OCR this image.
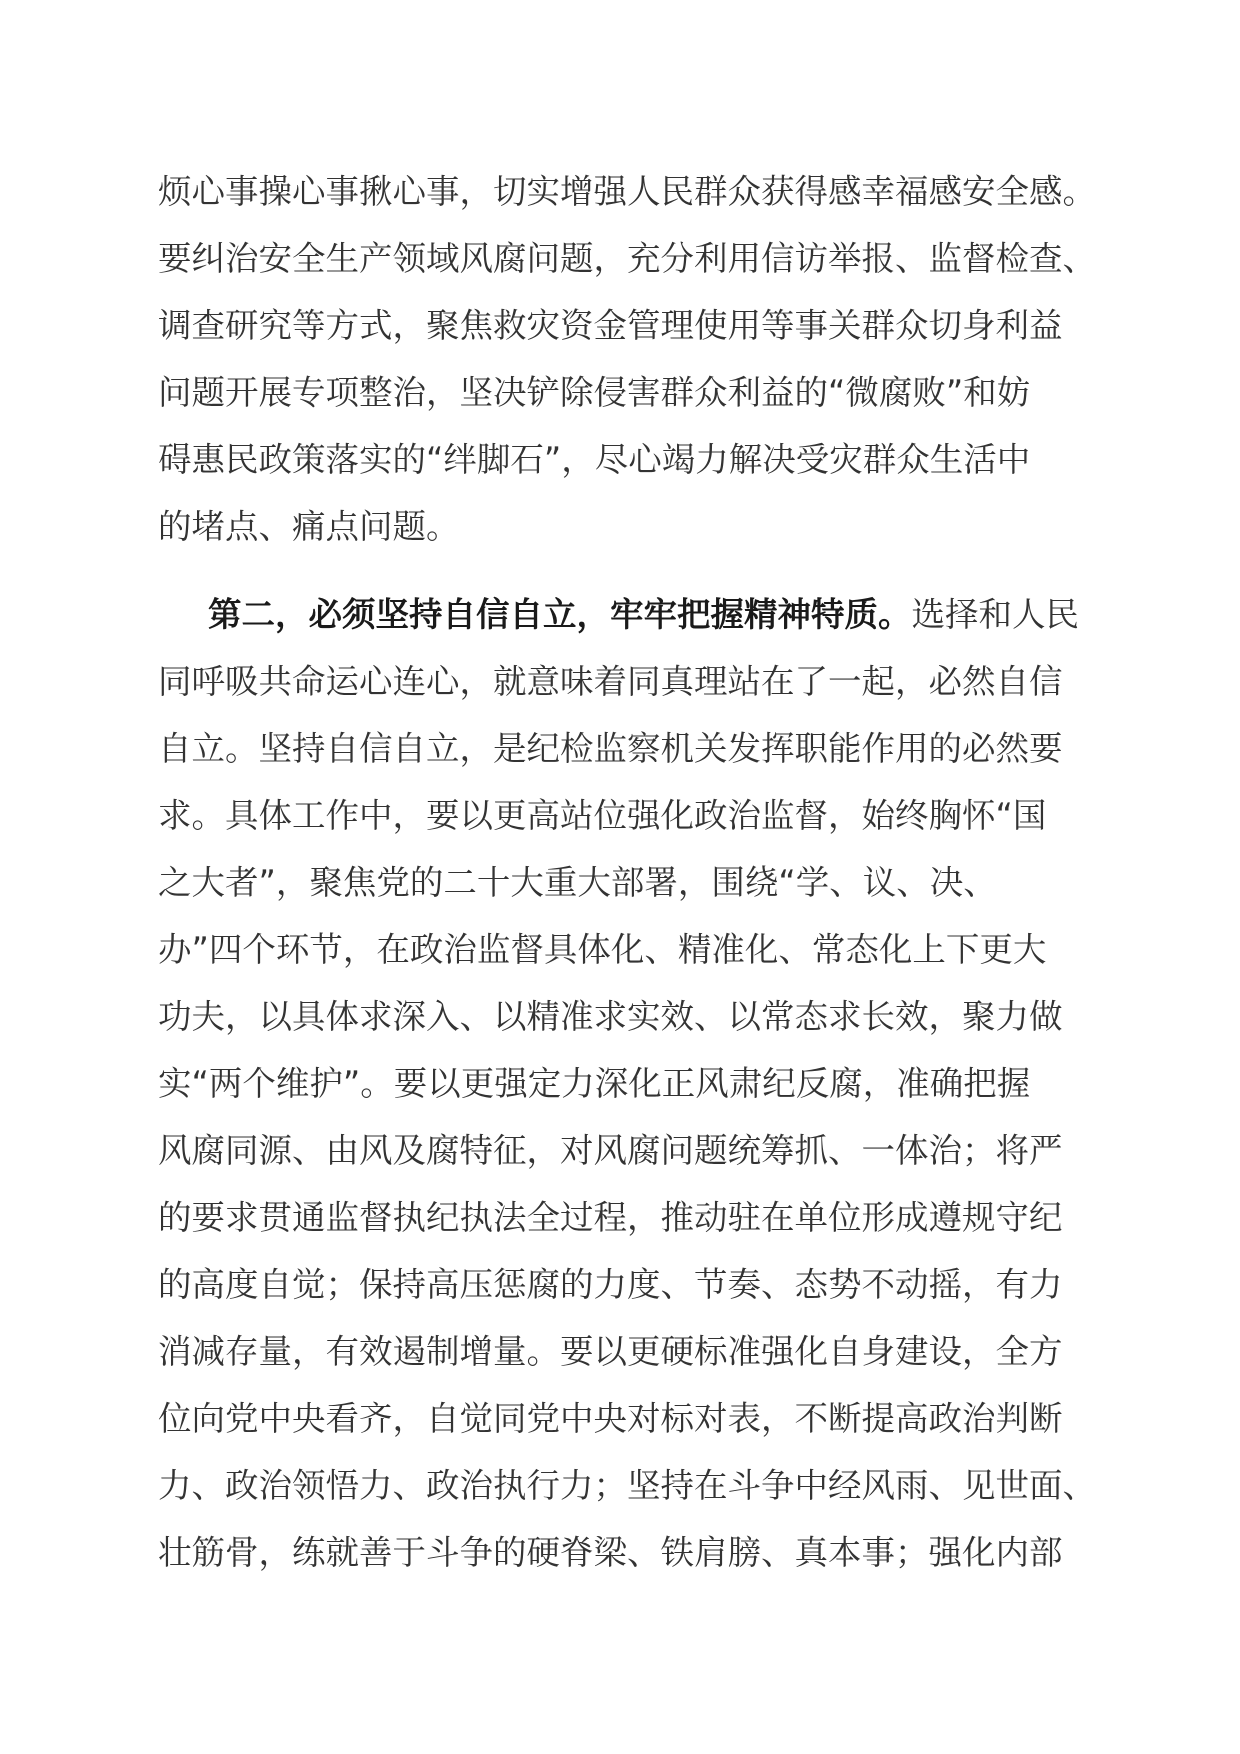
烦心事操心事揪心事，切实增强人民群众获得感幸福感安全感。
要纠治安全生产领域风腐问题，充分利用信访举报、监督检查、
调查研究等方式，聚焦救灾资金管理使用等事关群众切身利益
问题开展专项整治，坚决铲除侵害群众利益的“微腐败”和妨
碍惠民政策落实的“绊脚石”，尽心竭力解决受灾群众生活中
的堵点、痛点问题。
第二，必须坚持自信自立，牢牢把握精神特质。选择和人民
同呼吸共命运心连心，就意味着同真理站在了一起，必然自信
自立。坚持自信自立，是纪检监察机关发挥职能作用的必然要
求。具体工作中，要以更高站位强化政治监督，始终胸怀“国
之大者”，聚焦党的二十大重大部署，围绕“学、议、决、
办”四个环节，在政治监督具体化、精准化、常态化上下更大
功夫，以具体求深入、以精准求实效、以常态求长效，聚力做
实“两个维护”。要以更强定力深化正风肃纪反腐，准确把握
风腐同源、由风及腐特征，对风腐问题统筹抓、一体治；将严
的要求贯通监督执纪执法全过程，推动驻在单位形成遵规守纪
的高度自觉；保持高压惩腐的力度、节奏、态势不动摇，有力
消减存量，有效遏制增量。要以更硬标准强化自身建设，全方
位向党中央看齐，自觉同党中央对标对表，不断提高政治判断
力、政治领悟力、政治执行力；坚持在斗争中经风雨、见世面、
壮筋骨，练就善于斗争的硬脊梁、铁肩膀、真本事；强化内部
